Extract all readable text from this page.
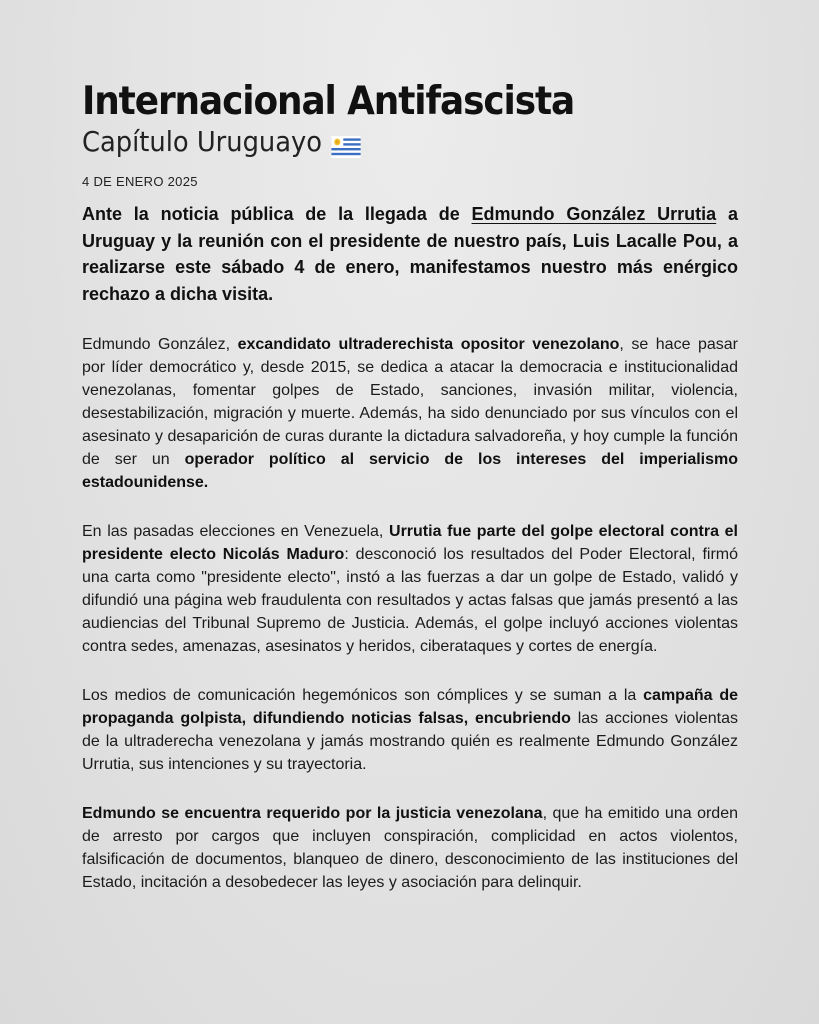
Internacional Antifascista
Capítulo Uruguayo
4 DE ENERO 2025

Ante la noticia pública de la llegada de Edmundo González Urrutia a Uruguay y la reunión con el presidente de nuestro país, Luis Lacalle Pou, a realizarse este sábado 4 de enero, manifestamos nuestro más enérgico rechazo a dicha visita.

Edmundo González, excandidato ultraderechista opositor venezolano, se hace pasar por líder democrático y, desde 2015, se dedica a atacar la democracia e institucionalidad venezolanas, fomentar golpes de Estado, sanciones, invasión militar, violencia, desestabilización, migración y muerte. Además, ha sido denunciado por sus vínculos con el asesinato y desaparición de curas durante la dictadura salvadoreña, y hoy cumple la función de ser un operador político al servicio de los intereses del imperialismo estadounidense.

En las pasadas elecciones en Venezuela, Urrutia fue parte del golpe electoral contra el presidente electo Nicolás Maduro: desconoció los resultados del Poder Electoral, firmó una carta como "presidente electo", instó a las fuerzas a dar un golpe de Estado, validó y difundió una página web fraudulenta con resultados y actas falsas que jamás presentó a las audiencias del Tribunal Supremo de Justicia. Además, el golpe incluyó acciones violentas contra sedes, amenazas, asesinatos y heridos, ciberataques y cortes de energía.

Los medios de comunicación hegemónicos son cómplices y se suman a la campaña de propaganda golpista, difundiendo noticias falsas, encubriendo las acciones violentas de la ultraderecha venezolana y jamás mostrando quién es realmente Edmundo González Urrutia, sus intenciones y su trayectoria.

Edmundo se encuentra requerido por la justicia venezolana, que ha emitido una orden de arresto por cargos que incluyen conspiración, complicidad en actos violentos, falsificación de documentos, blanqueo de dinero, desconocimiento de las instituciones del Estado, incitación a desobedecer las leyes y asociación para delinquir.
